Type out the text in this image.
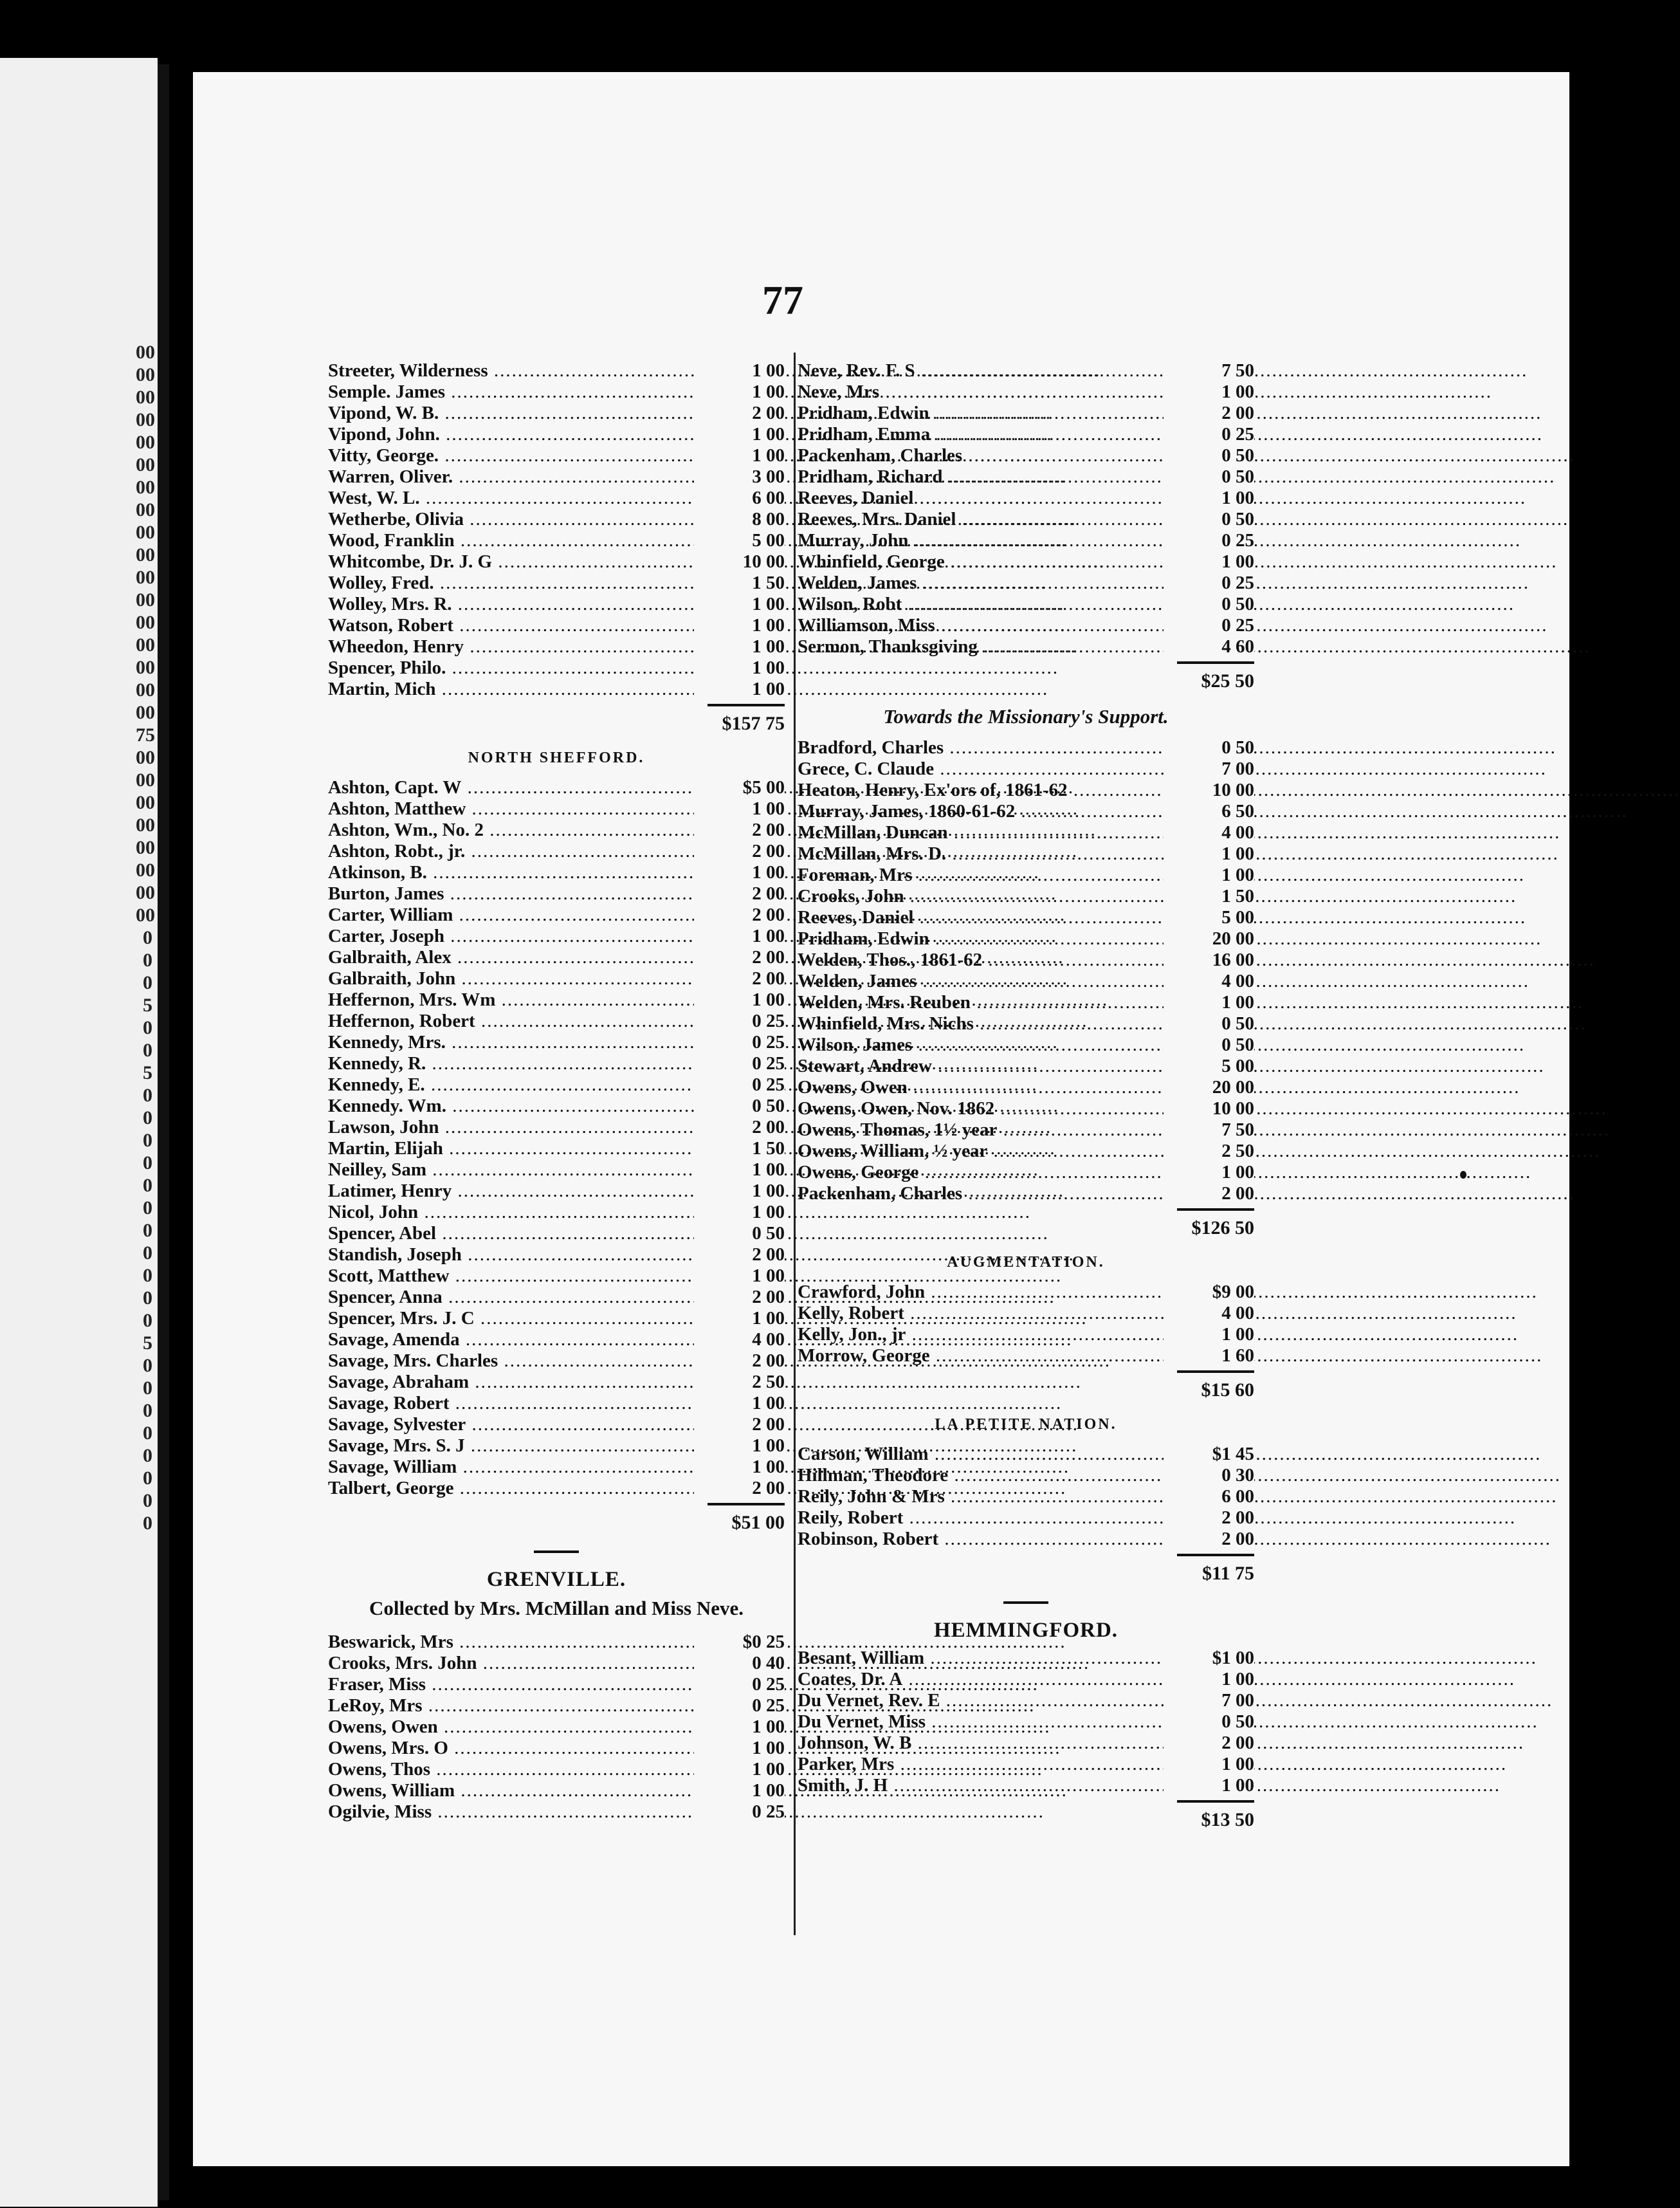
00
00
00
00
00
00
00
00
00
00
00
00
00
00
00
00
00
75
00
00
00
00
00
00
00
00
0
0
0
5
0
0
5
0
0
0
0
0
0
0
0
0
0
0
5
0
0
0
0
0
0
0
0
77
Streeter, Wilderness .....	1 00
Semple. James .....	1 00
Vipond, W. B. .....	2 00
Vipond, John. .....	1 00
Vitty, George. .....	1 00
Warren, Oliver. .....	3 00
West, W. L. .....	6 00
Wetherbe, Olivia .....	8 00
Wood, Franklin .....	5 00
Whitcombe, Dr. J. G .....	10 00
Wolley, Fred. .....	1 50
Wolley, Mrs. R. .....	1 00
Watson, Robert .....	1 00
Wheedon, Henry .....	1 00
Spencer, Philo. .....	1 00
Martin, Mich .....	1 00
$157 75
NORTH SHEFFORD.
Ashton, Capt. W .....	$5 00
Ashton, Matthew .....	1 00
Ashton, Wm., No. 2 .....	2 00
Ashton, Robt., jr. .....	2 00
Atkinson, B. .....	1 00
Burton, James .....	2 00
Carter, William .....	2 00
Carter, Joseph .....	1 00
Galbraith, Alex .....	2 00
Galbraith, John .....	2 00
Heffernon, Mrs. Wm .....	1 00
Heffernon, Robert .....	0 25
Kennedy, Mrs. .....	0 25
Kennedy, R. .....	0 25
Kennedy, E. .....	0 25
Kennedy. Wm. .....	0 50
Lawson, John .....	2 00
Martin, Elijah .....	1 50
Neilley, Sam .....	1 00
Latimer, Henry .....	1 00
Nicol, John .....	1 00
Spencer, Abel .....	0 50
Standish, Joseph .....	2 00
Scott, Matthew .....	1 00
Spencer, Anna .....	2 00
Spencer, Mrs. J. C .....	1 00
Savage, Amenda .....	4 00
Savage, Mrs. Charles .....	2 00
Savage, Abraham .....	2 50
Savage, Robert .....	1 00
Savage, Sylvester .....	2 00
Savage, Mrs. S. J .....	1 00
Savage, William .....	1 00
Talbert, George .....	2 00
$51 00
GRENVILLE.
Collected by Mrs. McMillan and Miss Neve.
Beswarick, Mrs .....	$0 25
Crooks, Mrs. John .....	0 40
Fraser, Miss .....	0 25
LeRoy, Mrs .....	0 25
Owens, Owen .....	1 00
Owens, Mrs. O .....	1 00
Owens, Thos .....	1 00
Owens, William .....	1 00
Ogilvie, Miss .....	0 25
Neve, Rev. F. S .....	7 50
Neve, Mrs .....	1 00
Pridham, Edwin .....	2 00
Pridham, Emma .....	0 25
Packenham, Charles .....	0 50
Pridham, Richard .....	0 50
Reeves, Daniel .....	1 00
Reeves, Mrs. Daniel .....	0 50
Murray, John .....	0 25
Whinfield, George .....	1 00
Welden, James .....	0 25
Wilson, Robt .....	0 50
Williamson, Miss .....	0 25
Sermon, Thanksgiving .....	4 60
$25 50
Towards the Missionary's Support.
Bradford, Charles .....	0 50
Grece, C. Claude .....	7 00
Heaton, Henry, Ex'ors of, 1861-62 .....	10 00
Murray, James, 1860-61-62 .....	6 50
McMillan, Duncan .....	4 00
McMillan, Mrs. D. .....	1 00
Foreman, Mrs .....	1 00
Crooks, John .....	1 50
Reeves, Daniel .....	5 00
Pridham, Edwin .....	20 00
Welden, Thos., 1861-62 .....	16 00
Welden, James .....	4 00
Welden, Mrs. Reuben .....	1 00
Whinfield, Mrs. Nichs .....	0 50
Wilson, James .....	0 50
Stewart, Andrew .....	5 00
Owens, Owen .....	20 00
Owens, Owen, Nov. 1862 .....	10 00
Owens, Thomas, 1½ year .....	7 50
Owens, William, ½ year .....	2 50
Owens, George .....	1 00
Packenham, Charles .....	2 00
$126 50
AUGMENTATION.
Crawford, John .....	$9 00
Kelly, Robert .....	4 00
Kelly, Jon., jr .....	1 00
Morrow, George .....	1 60
$15 60
LA PETITE NATION.
Carson, William .....	$1 45
Hillman, Theodore .....	0 30
Reily, John & Mrs .....	6 00
Reily, Robert .....	2 00
Robinson, Robert .....	2 00
$11 75
HEMMINGFORD.
Besant, William .....	$1 00
Coates, Dr. A .....	1 00
Du Vernet, Rev. E .....	7 00
Du Vernet, Miss .....	0 50
Johnson, W. B .....	2 00
Parker, Mrs .....	1 00
Smith, J. H .....	1 00
$13 50
